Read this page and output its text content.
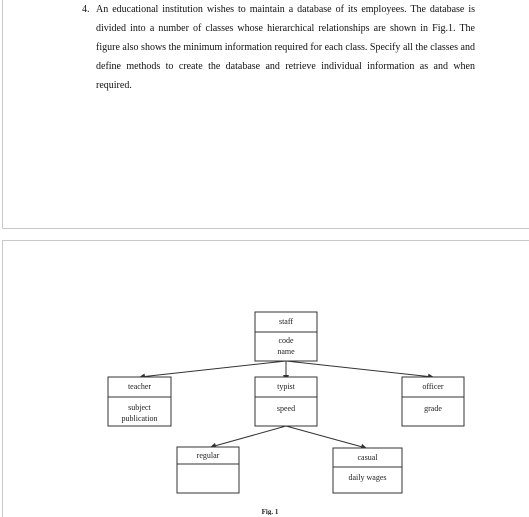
4. An educational institution wishes to maintain a database of its employees. The database is divided into a number of classes whose hierarchical relationships are shown in Fig.1. The figure also shows the minimum information required for each class. Specify all the classes and define methods to create the database and retrieve individual information as and when required.

staff
code
name
teacher
subject
publication
typist
speed
officer
grade
regular	casual
daily wages
Fig. 1
